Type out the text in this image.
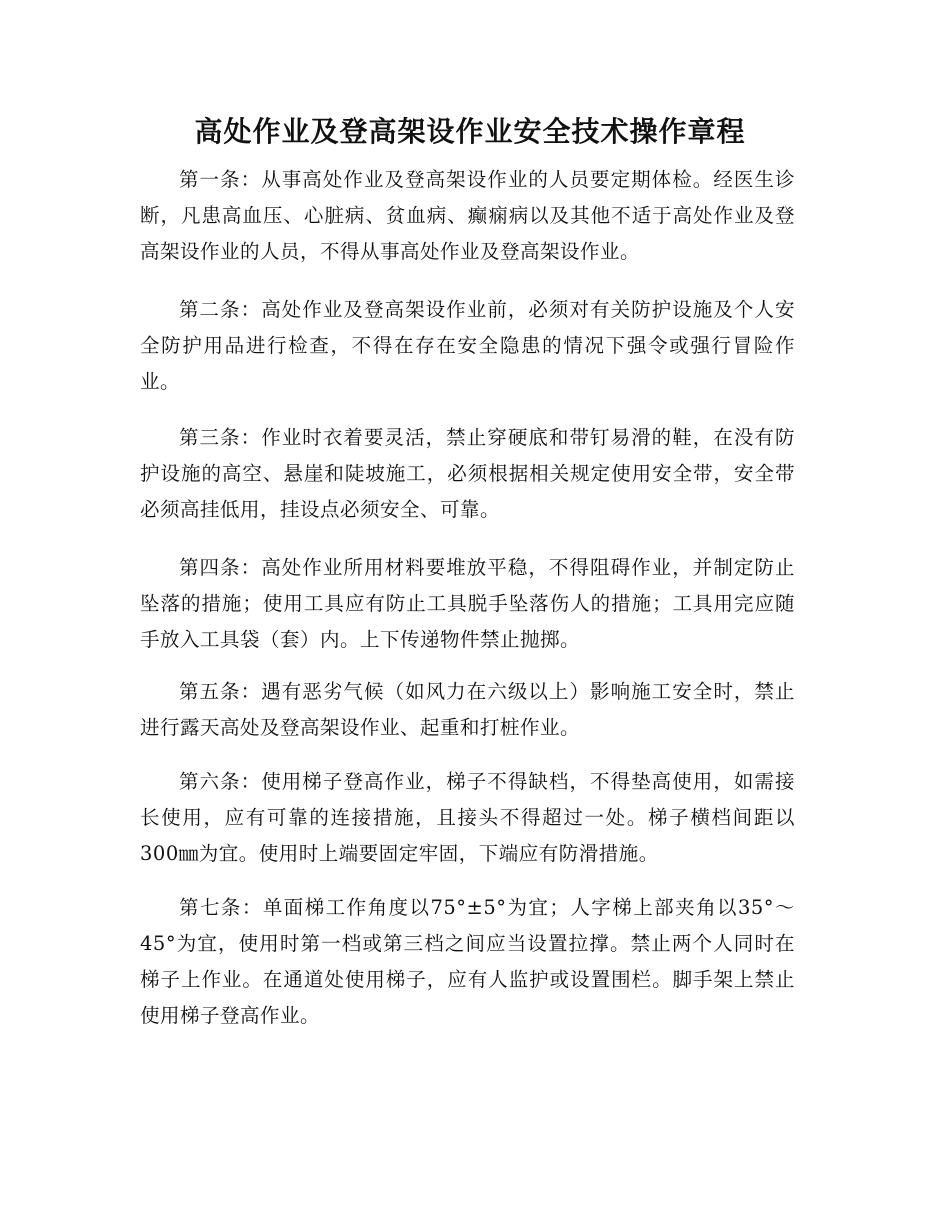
高处作业及登高架设作业安全技术操作章程

第一条：从事高处作业及登高架设作业的人员要定期体检。经医生诊断，凡患高血压、心脏病、贫血病、癫痫病以及其他不适于高处作业及登高架设作业的人员，不得从事高处作业及登高架设作业。

第二条：高处作业及登高架设作业前，必须对有关防护设施及个人安全防护用品进行检查，不得在存在安全隐患的情况下强令或强行冒险作业。

第三条：作业时衣着要灵活，禁止穿硬底和带钉易滑的鞋，在没有防护设施的高空、悬崖和陡坡施工，必须根据相关规定使用安全带，安全带必须高挂低用，挂设点必须安全、可靠。

第四条：高处作业所用材料要堆放平稳，不得阻碍作业，并制定防止坠落的措施；使用工具应有防止工具脱手坠落伤人的措施；工具用完应随手放入工具袋（套）内。上下传递物件禁止抛掷。

第五条：遇有恶劣气候（如风力在六级以上）影响施工安全时，禁止进行露天高处及登高架设作业、起重和打桩作业。

第六条：使用梯子登高作业，梯子不得缺档，不得垫高使用，如需接长使用，应有可靠的连接措施，且接头不得超过一处。梯子横档间距以300㎜为宜。使用时上端要固定牢固，下端应有防滑措施。

第七条：单面梯工作角度以75°±5°为宜；人字梯上部夹角以35°～45°为宜，使用时第一档或第三档之间应当设置拉撑。禁止两个人同时在梯子上作业。在通道处使用梯子，应有人监护或设置围栏。脚手架上禁止使用梯子登高作业。
